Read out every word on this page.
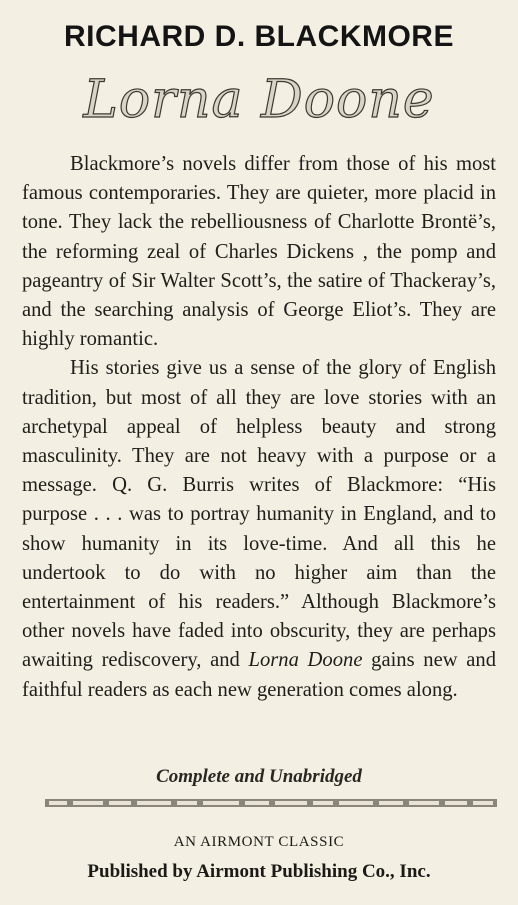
RICHARD D. BLACKMORE
Lorna Doone

Blackmore’s novels differ from those of his most famous contemporaries. They are quieter, more placid in tone. They lack the rebelliousness of Charlotte Brontë’s, the reforming zeal of Charles Dickens , the pomp and pageantry of Sir Walter Scott’s, the satire of Thackeray’s, and the searching analysis of George Eliot’s. They are highly romantic.

His stories give us a sense of the glory of English tradition, but most of all they are love stories with an archetypal appeal of helpless beauty and strong masculinity. They are not heavy with a purpose or a message. Q. G. Burris writes of Blackmore: “His purpose . . . was to portray humanity in England, and to show humanity in its love-time. And all this he undertook to do with no higher aim than the entertainment of his readers.” Although Blackmore’s other novels have faded into obscurity, they are perhaps awaiting rediscovery, and Lorna Doone gains new and faithful readers as each new generation comes along.

Complete and Unabridged
AN AIRMONT CLASSIC
Published by Airmont Publishing Co., Inc.
